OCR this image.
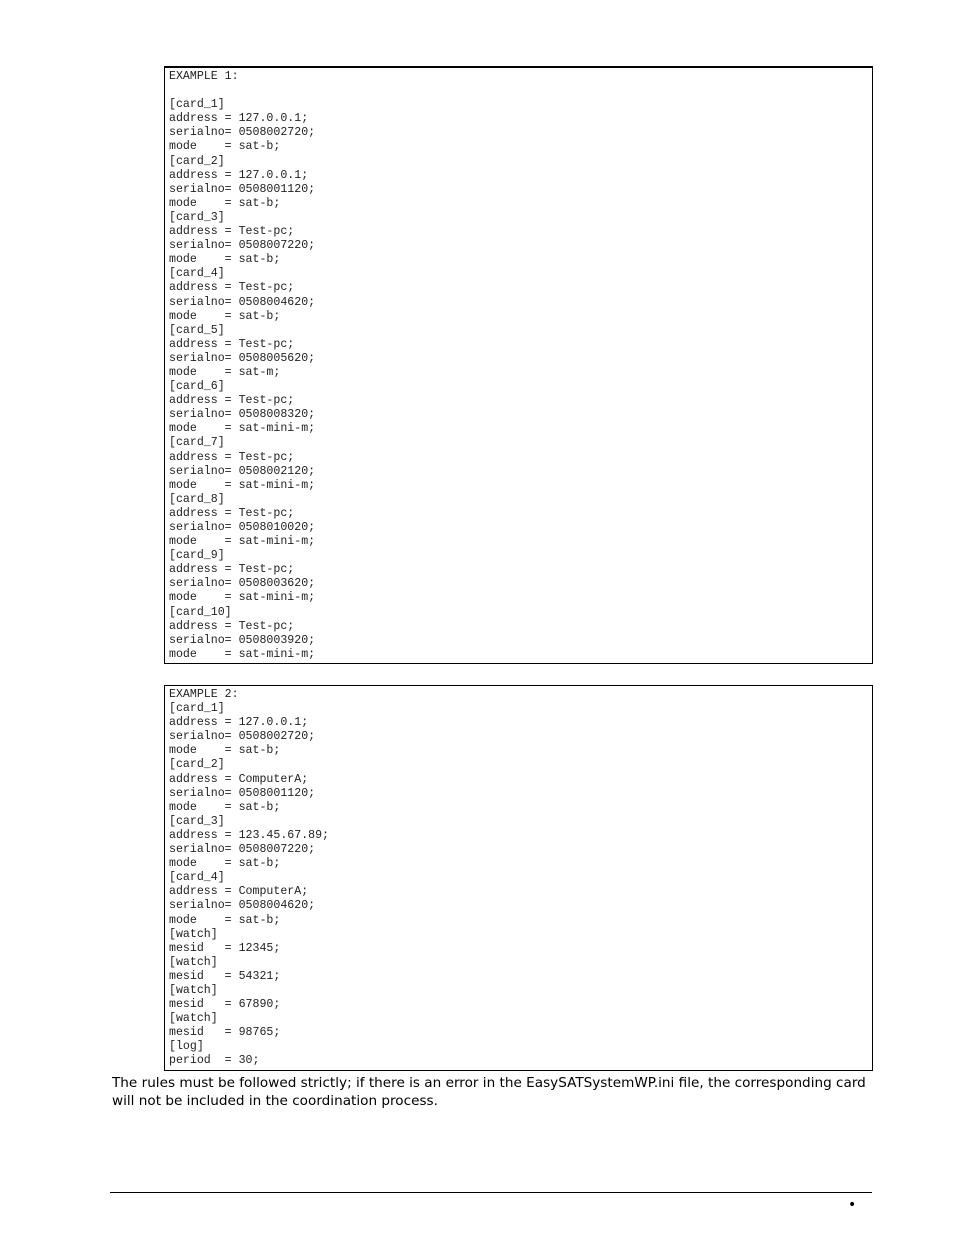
EXAMPLE 1:
[card_1]
address = 127.0.0.1;
serialno= 0508002720;
mode    = sat-b;
[card_2]
address = 127.0.0.1;
serialno= 0508001120;
mode    = sat-b;
[card_3]
address = Test-pc;
serialno= 0508007220;
mode    = sat-b;
[card_4]
address = Test-pc;
serialno= 0508004620;
mode    = sat-b;
[card_5]
address = Test-pc;
serialno= 0508005620;
mode    = sat-m;
[card_6]
address = Test-pc;
serialno= 0508008320;
mode    = sat-mini-m;
[card_7]
address = Test-pc;
serialno= 0508002120;
mode    = sat-mini-m;
[card_8]
address = Test-pc;
serialno= 0508010020;
mode    = sat-mini-m;
[card_9]
address = Test-pc;
serialno= 0508003620;
mode    = sat-mini-m;
[card_10]
address = Test-pc;
serialno= 0508003920;
mode    = sat-mini-m;
EXAMPLE 2:
[card_1]
address = 127.0.0.1;
serialno= 0508002720;
mode    = sat-b;
[card_2]
address = ComputerA;
serialno= 0508001120;
mode    = sat-b;
[card_3]
address = 123.45.67.89;
serialno= 0508007220;
mode    = sat-b;
[card_4]
address = ComputerA;
serialno= 0508004620;
mode    = sat-b;
[watch]
mesid   = 12345;
[watch]
mesid   = 54321;
[watch]
mesid   = 67890;
[watch]
mesid   = 98765;
[log]
period  = 30;

The rules must be followed strictly; if there is an error in the EasySATSystemWP.ini file, the corresponding card will not be included in the coordination process.

•
